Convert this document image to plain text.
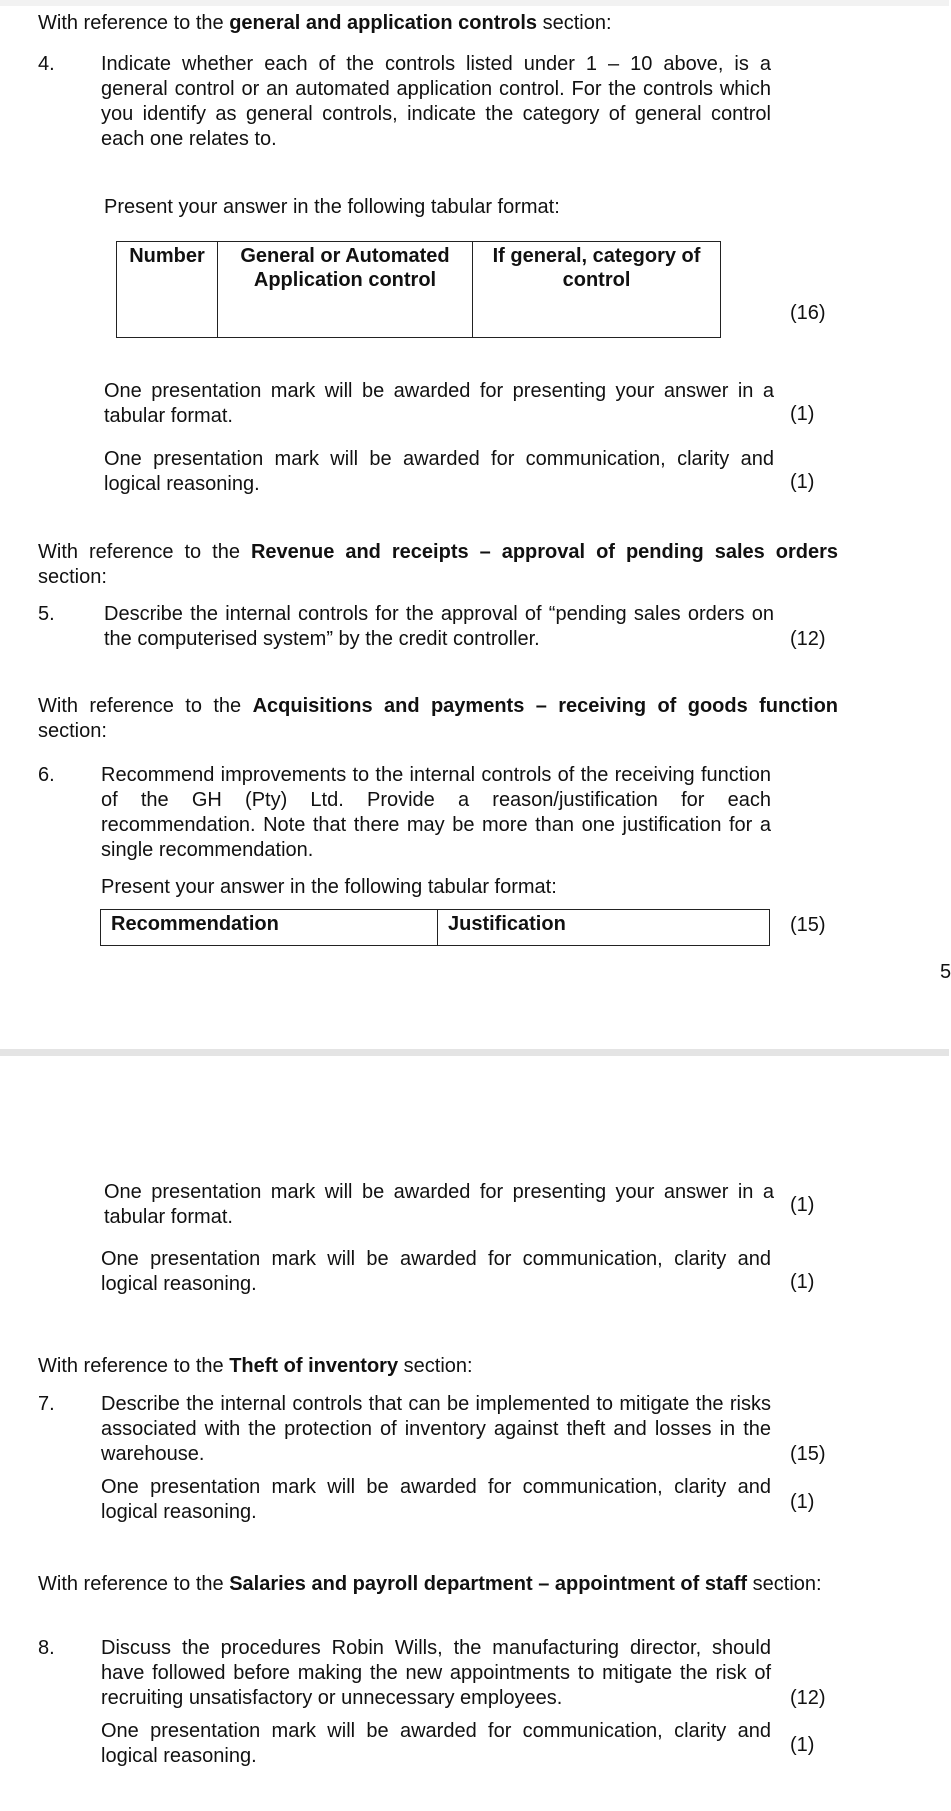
With reference to the general and application controls section:
4. Indicate whether each of the controls listed under 1 – 10 above, is a general control or an automated application control. For the controls which you identify as general controls, indicate the category of general control each one relates to.
Present your answer in the following tabular format:
Number	General or Automated Application control	If general, category of control
(16)
One presentation mark will be awarded for presenting your answer in a tabular format.	(1)
One presentation mark will be awarded for communication, clarity and logical reasoning.	(1)
With reference to the Revenue and receipts – approval of pending sales orders section:
5. Describe the internal controls for the approval of “pending sales orders on the computerised system” by the credit controller.	(12)
With reference to the Acquisitions and payments – receiving of goods function section:
6. Recommend improvements to the internal controls of the receiving function of the GH (Pty) Ltd. Provide a reason/justification for each recommendation. Note that there may be more than one justification for a single recommendation.
Present your answer in the following tabular format:
Recommendation	Justification	(15)
5
One presentation mark will be awarded for presenting your answer in a tabular format.
(1)
One presentation mark will be awarded for communication, clarity and logical reasoning.	(1)
With reference to the Theft of inventory section:
7. Describe the internal controls that can be implemented to mitigate the risks associated with the protection of inventory against theft and losses in the warehouse.	(15)
One presentation mark will be awarded for communication, clarity and logical reasoning.	(1)
With reference to the Salaries and payroll department – appointment of staff section:
8. Discuss the procedures Robin Wills, the manufacturing director, should have followed before making the new appointments to mitigate the risk of recruiting unsatisfactory or unnecessary employees.	(12)
One presentation mark will be awarded for communication, clarity and logical reasoning.	(1)
